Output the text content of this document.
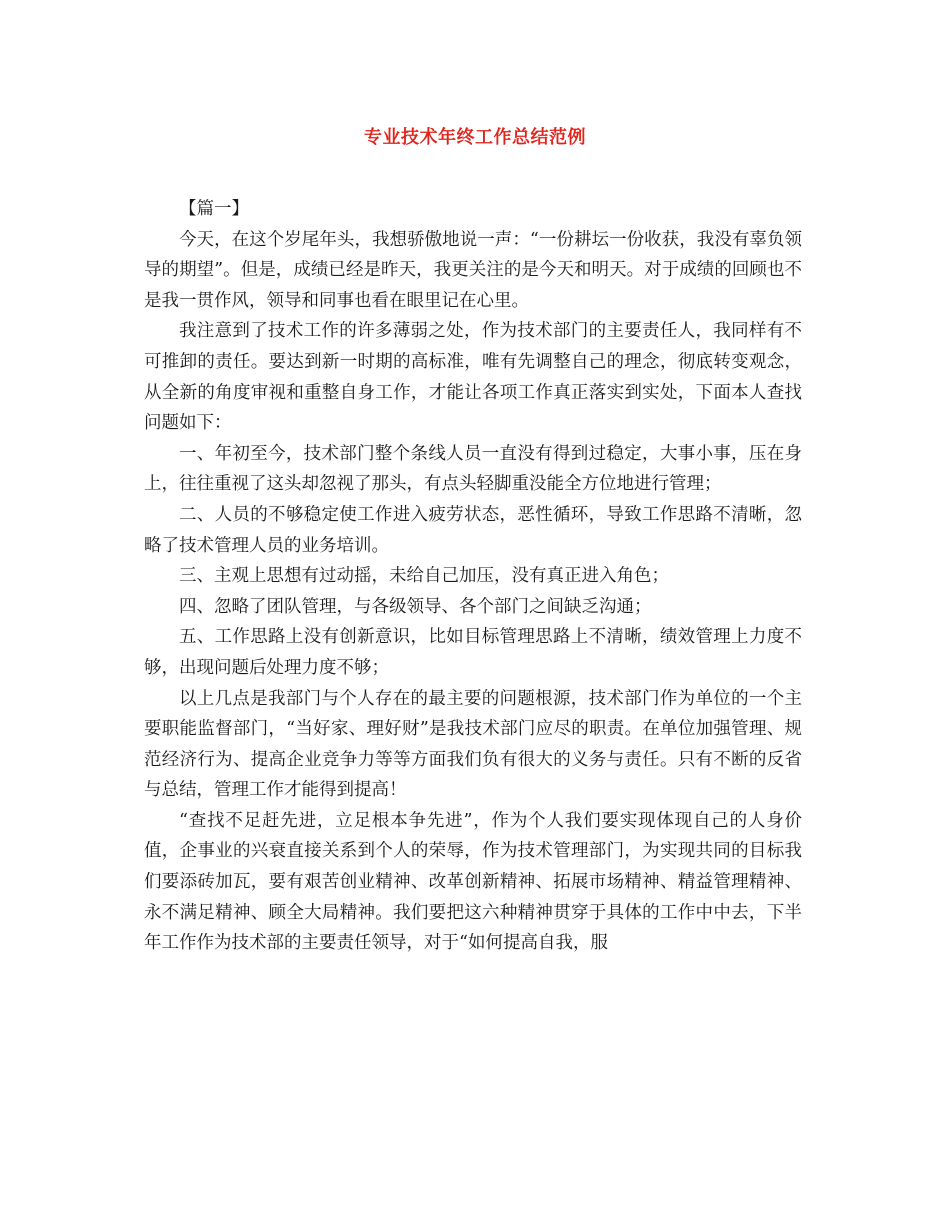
专业技术年终工作总结范例

【篇一】

今天，在这个岁尾年头，我想骄傲地说一声：“一份耕坛一份收获，我没有辜负领导的期望”。但是，成绩已经是昨天，我更关注的是今天和明天。对于成绩的回顾也不是我一贯作风，领导和同事也看在眼里记在心里。

我注意到了技术工作的许多薄弱之处，作为技术部门的主要责任人，我同样有不可推卸的责任。要达到新一时期的高标准，唯有先调整自己的理念，彻底转变观念，从全新的角度审视和重整自身工作，才能让各项工作真正落实到实处，下面本人查找问题如下：

一、年初至今，技术部门整个条线人员一直没有得到过稳定，大事小事，压在身上，往往重视了这头却忽视了那头，有点头轻脚重没能全方位地进行管理；

二、人员的不够稳定使工作进入疲劳状态，恶性循环，导致工作思路不清晰，忽略了技术管理人员的业务培训。

三、主观上思想有过动摇，未给自己加压，没有真正进入角色；

四、忽略了团队管理，与各级领导、各个部门之间缺乏沟通；

五、工作思路上没有创新意识，比如目标管理思路上不清晰，绩效管理上力度不够，出现问题后处理力度不够；

以上几点是我部门与个人存在的最主要的问题根源，技术部门作为单位的一个主要职能监督部门，“当好家、理好财”是我技术部门应尽的职责。在单位加强管理、规范经济行为、提高企业竞争力等等方面我们负有很大的义务与责任。只有不断的反省与总结，管理工作才能得到提高！

“查找不足赶先进，立足根本争先进”，作为个人我们要实现体现自己的人身价值，企事业的兴衰直接关系到个人的荣辱，作为技术管理部门，为实现共同的目标我们要添砖加瓦，要有艰苦创业精神、改革创新精神、拓展市场精神、精益管理精神、永不满足精神、顾全大局精神。我们要把这六种精神贯穿于具体的工作中中去，下半年工作作为技术部的主要责任领导，对于“如何提高自我，服
